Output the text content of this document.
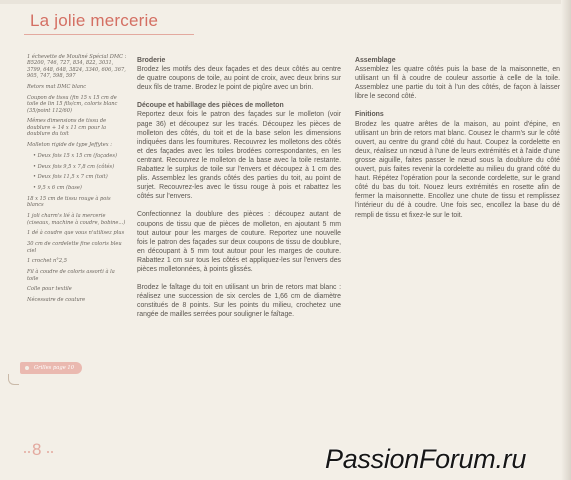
La jolie mercerie
1 échevette de Mouliné Spécial DMC : B5200, 746, 727, 834, 822, 3031, 3799, 648, 648, 3824, 3340, 606, 367, 905, 747, 598, 597
Retors mat DMC blanc
Coupon de tissu (fin 15 x 15 cm de toile de lin 15 fils/cm, coloris blanc (35/point 112/60)
Mêmes dimensions de tissu de doublure + 14 x 11 cm pour la doublure du toit
Molleton rigide de type Jeffytex :
• Deux fois 15 x 15 cm (façades)
• Deux fois 9,5 x 7,8 cm (côtés)
• Deux fois 11,5 x 7 cm (toit)
• 9,5 x 6 cm (base)
18 x 15 cm de tissu rouge à pois blancs
1 joli charm's lié à la mercerie (ciseaux, machine à coudre, bobine...)
1 dé à coudre que vous n'utilisez plus
30 cm de cordelette fine coloris bleu ciel
1 crochet n°2,5
Fil à coudre de coloris assorti à la toile
Colle pour textile
Nécessaire de couture
Grilles page 10
Broderie

Brodez les motifs des deux façades et des deux côtés au centre de quatre coupons de toile, au point de croix, avec deux brins sur deux fils de trame. Brodez le point de piqûre avec un brin.

Découpe et habillage des pièces de molleton

Reportez deux fois le patron des façades sur le molleton (voir page 36) et découpez sur les tracés. Découpez les pièces de molleton des côtés, du toit et de la base selon les dimensions indiquées dans les fournitures. Recouvrez les molletons des côtés et des façades avec les toiles brodées correspondantes, en les centrant. Recouvrez le molleton de la base avec la toile restante. Rabattez le surplus de toile sur l'envers et découpez à 1 cm des plis. Assemblez les grands côtés des parties du toit, au point de surjet. Recouvrez-les avec le tissu rouge à pois et rabattez les côtés sur l'envers.

Confectionnez la doublure des pièces : découpez autant de coupons de tissu que de pièces de molleton, en ajoutant 5 mm tout autour pour les marges de couture. Reportez une nouvelle fois le patron des façades sur deux coupons de tissu de doublure, en découpant à 5 mm tout autour pour les marges de couture. Rabattez 1 cm sur tous les côtés et appliquez-les sur l'envers des pièces molletonnées, à points glissés.

Brodez le faîtage du toit en utilisant un brin de retors mat blanc : réalisez une succession de six cercles de 1,66 cm de diamètre constitués de 8 points. Sur les points du milieu, crochetez une rangée de mailles serrées pour souligner le faîtage.

Assemblage

Assemblez les quatre côtés puis la base de la maisonnette, en utilisant un fil à coudre de couleur assortie à celle de la toile. Assemblez une partie du toit à l'un des côtés, de façon à laisser libre le second côté.

Finitions

Brodez les quatre arêtes de la maison, au point d'épine, en utilisant un brin de retors mat blanc. Cousez le charm's sur le côté ouvert, au centre du grand côté du haut. Coupez la cordelette en deux, réalisez un nœud à l'une de leurs extrémités et à l'aide d'une grosse aiguille, faites passer le nœud sous la doublure du côté ouvert, puis faites revenir la cordelette au milieu du grand côté du haut. Répétez l'opération pour la seconde cordelette, sur le grand côté du bas du toit. Nouez leurs extrémités en rosette afin de fermer la maisonnette. Encollez une chute de tissu et remplissez l'intérieur du dé à coudre. Une fois sec, encollez la base du dé rempli de tissu et fixez-le sur le toit.

8	PassionForum.ru
